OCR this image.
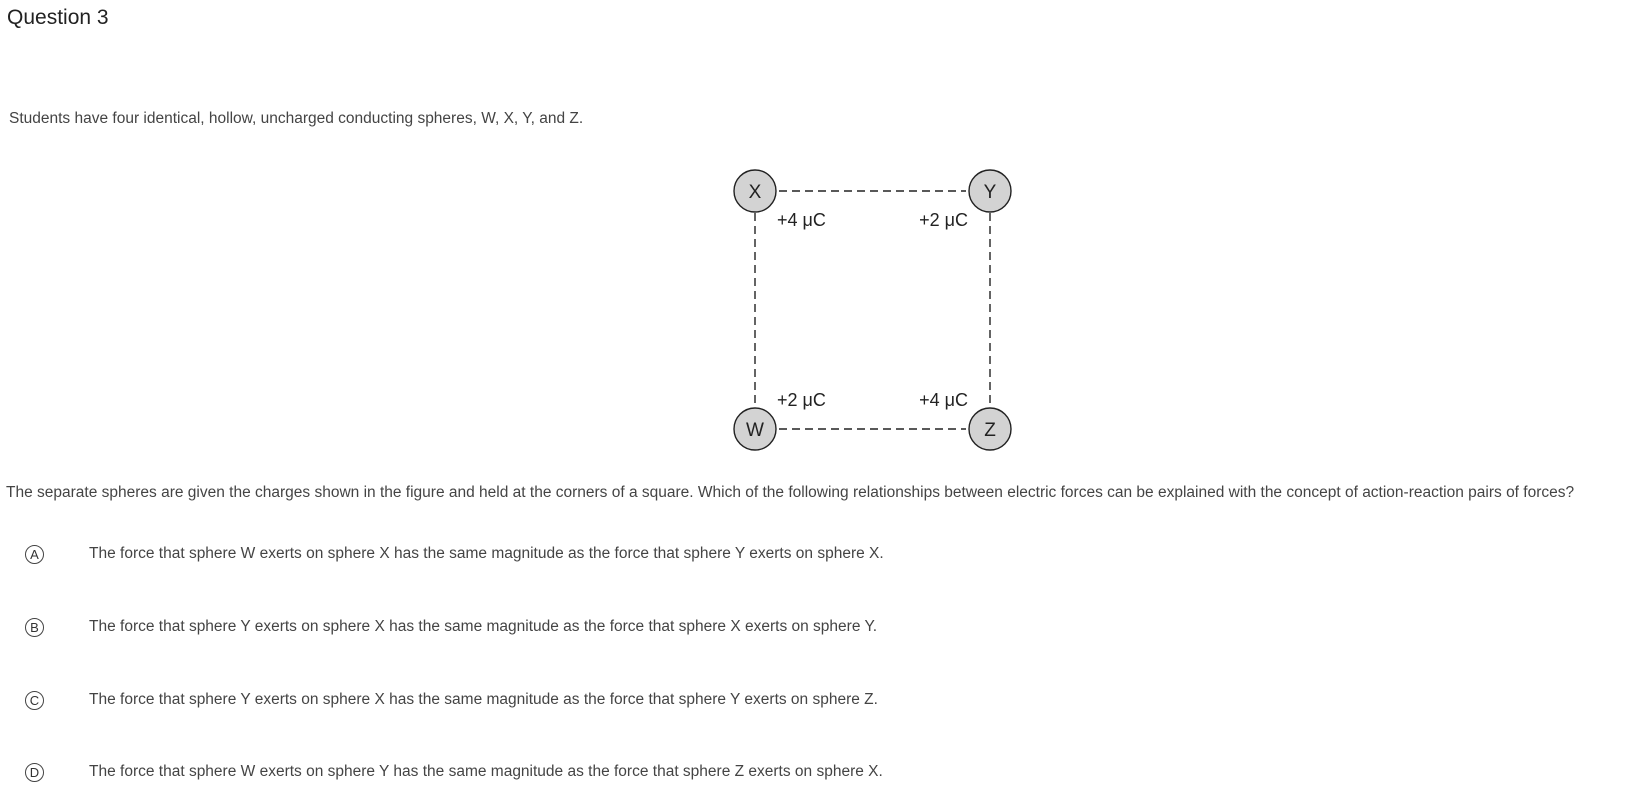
Question 3
Students have four identical, hollow, uncharged conducting spheres, W, X, Y, and Z.
X	Y
W	Z
+4 μC	+2 μC
+2 μC	+4 μC
The separate spheres are given the charges shown in the figure and held at the corners of a square. Which of the following relationships between electric forces can be explained with the concept of action-reaction pairs of forces?
A	The force that sphere W exerts on sphere X has the same magnitude as the force that sphere Y exerts on sphere X.
B	The force that sphere Y exerts on sphere X has the same magnitude as the force that sphere X exerts on sphere Y.
C	The force that sphere Y exerts on sphere X has the same magnitude as the force that sphere Y exerts on sphere Z.
D	The force that sphere W exerts on sphere Y has the same magnitude as the force that sphere Z exerts on sphere X.
